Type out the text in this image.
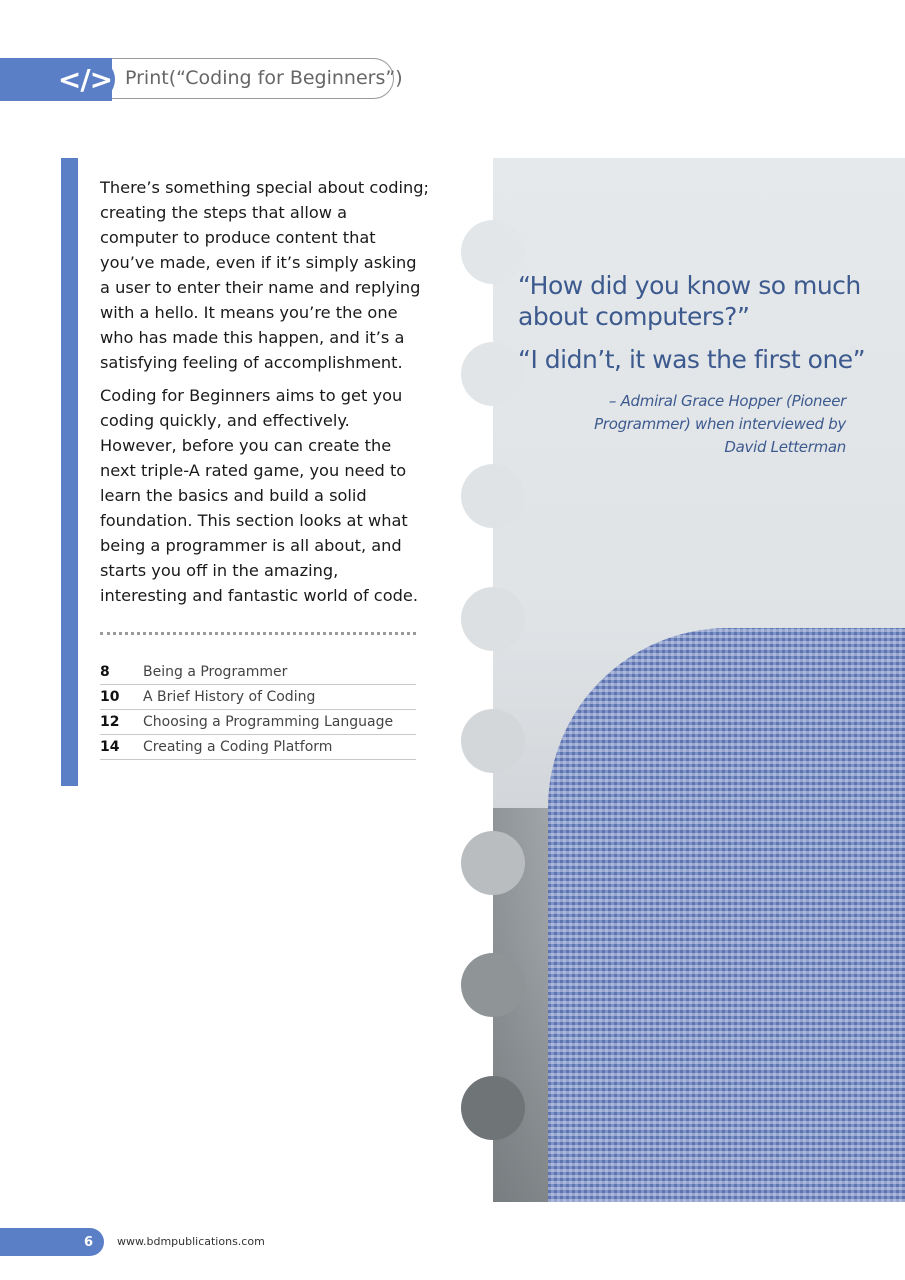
</> Print(“Coding for Beginners”)

There’s something special about coding; creating the steps that allow a computer to produce content that you’ve made, even if it’s simply asking a user to enter their name and replying with a hello. It means you’re the one who has made this happen, and it’s a satisfying feeling of accomplishment.

Coding for Beginners aims to get you coding quickly, and effectively. However, before you can create the next triple-A rated game, you need to learn the basics and build a solid foundation. This section looks at what being a programmer is all about, and starts you off in the amazing, interesting and fantastic world of code.

8	Being a Programmer
10	A Brief History of Coding
12	Choosing a Programming Language
14	Creating a Coding Platform

“How did you know so much about computers?”

“I didn’t, it was the first one”

– Admiral Grace Hopper (Pioneer Programmer) when interviewed by David Letterman
6	www.bdmpublications.com
